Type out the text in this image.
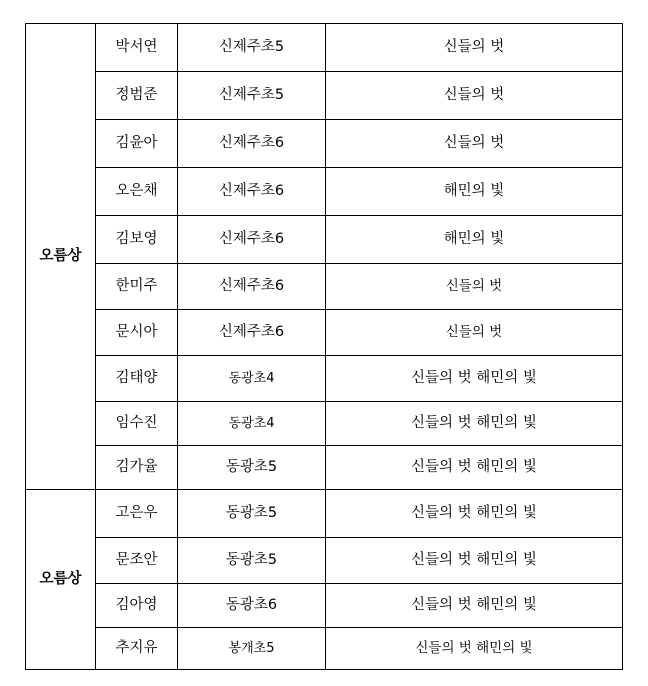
오름상	박서연	신제주초5	신들의 벗
	정범준	신제주초5	신들의 벗
	김윤아	신제주초6	신들의 벗
	오은채	신제주초6	해민의 빛
	김보영	신제주초6	해민의 빛
	한미주	신제주초6	신들의 벗
	문시아	신제주초6	신들의 벗
	김태양	동광초4	신들의 벗 해민의 빛
	임수진	동광초4	신들의 벗 해민의 빛
	김가율	동광초5	신들의 벗 해민의 빛
오름상	고은우	동광초5	신들의 벗 해민의 빛
	문조안	동광초5	신들의 벗 해민의 빛
	김아영	동광초6	신들의 벗 해민의 빛
	추지유	봉개초5	신들의 벗 해민의 빛
